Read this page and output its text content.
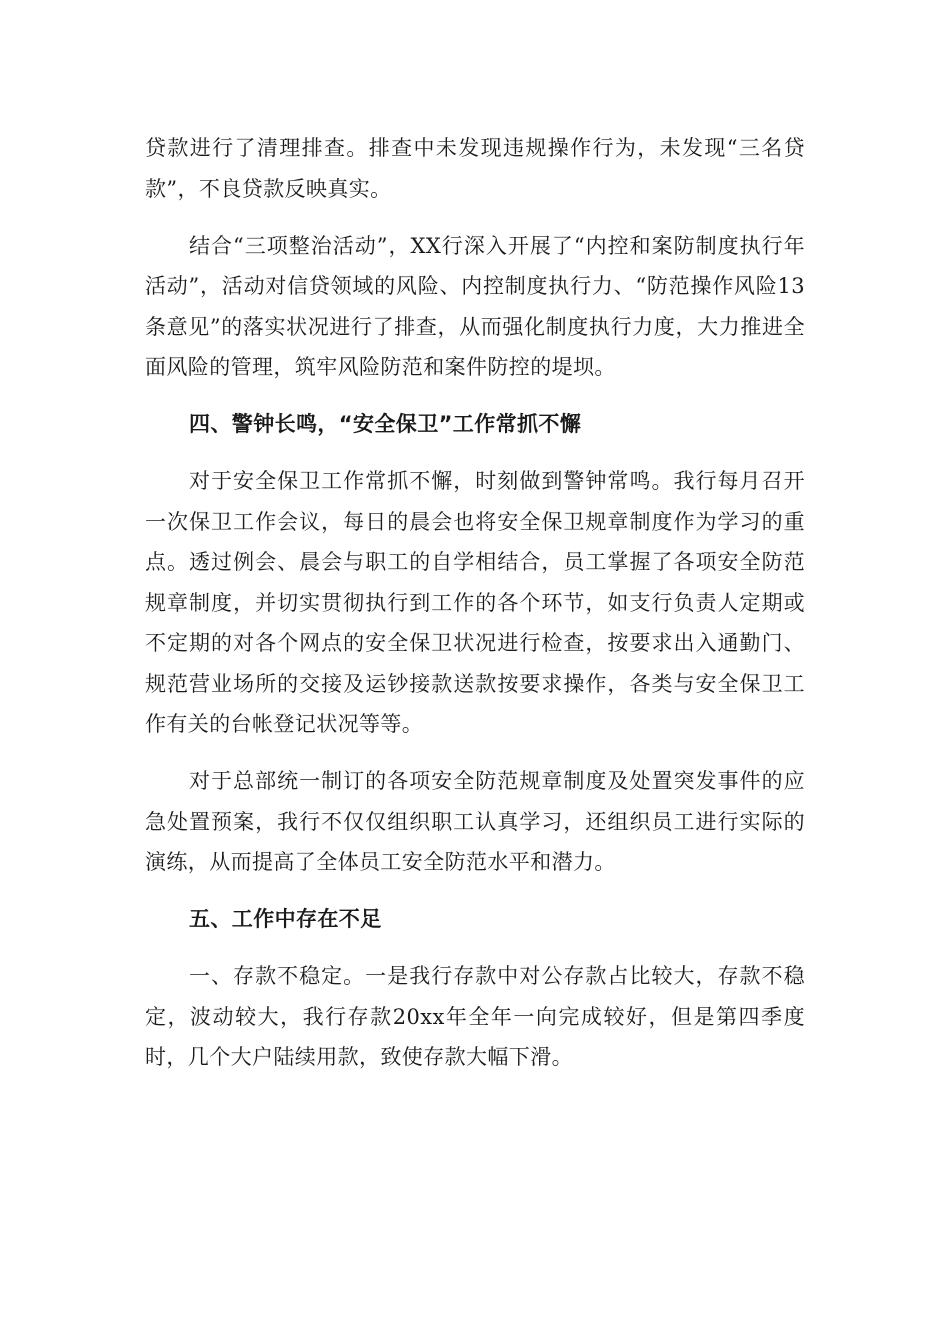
贷款进行了清理排查。排查中未发现违规操作行为，未发现“三名贷款”，不良贷款反映真实。

结合“三项整治活动”，XX行深入开展了“内控和案防制度执行年活动”，活动对信贷领域的风险、内控制度执行力、“防范操作风险13条意见”的落实状况进行了排查，从而强化制度执行力度，大力推进全面风险的管理，筑牢风险防范和案件防控的堤坝。

四、警钟长鸣，“安全保卫”工作常抓不懈

对于安全保卫工作常抓不懈，时刻做到警钟常鸣。我行每月召开一次保卫工作会议，每日的晨会也将安全保卫规章制度作为学习的重点。透过例会、晨会与职工的自学相结合，员工掌握了各项安全防范规章制度，并切实贯彻执行到工作的各个环节，如支行负责人定期或不定期的对各个网点的安全保卫状况进行检查，按要求出入通勤门、规范营业场所的交接及运钞接款送款按要求操作，各类与安全保卫工作有关的台帐登记状况等等。

对于总部统一制订的各项安全防范规章制度及处置突发事件的应急处置预案，我行不仅仅组织职工认真学习，还组织员工进行实际的演练，从而提高了全体员工安全防范水平和潜力。

五、工作中存在不足

一、存款不稳定。一是我行存款中对公存款占比较大，存款不稳定，波动较大，我行存款20xx年全年一向完成较好，但是第四季度时，几个大户陆续用款，致使存款大幅下滑。
